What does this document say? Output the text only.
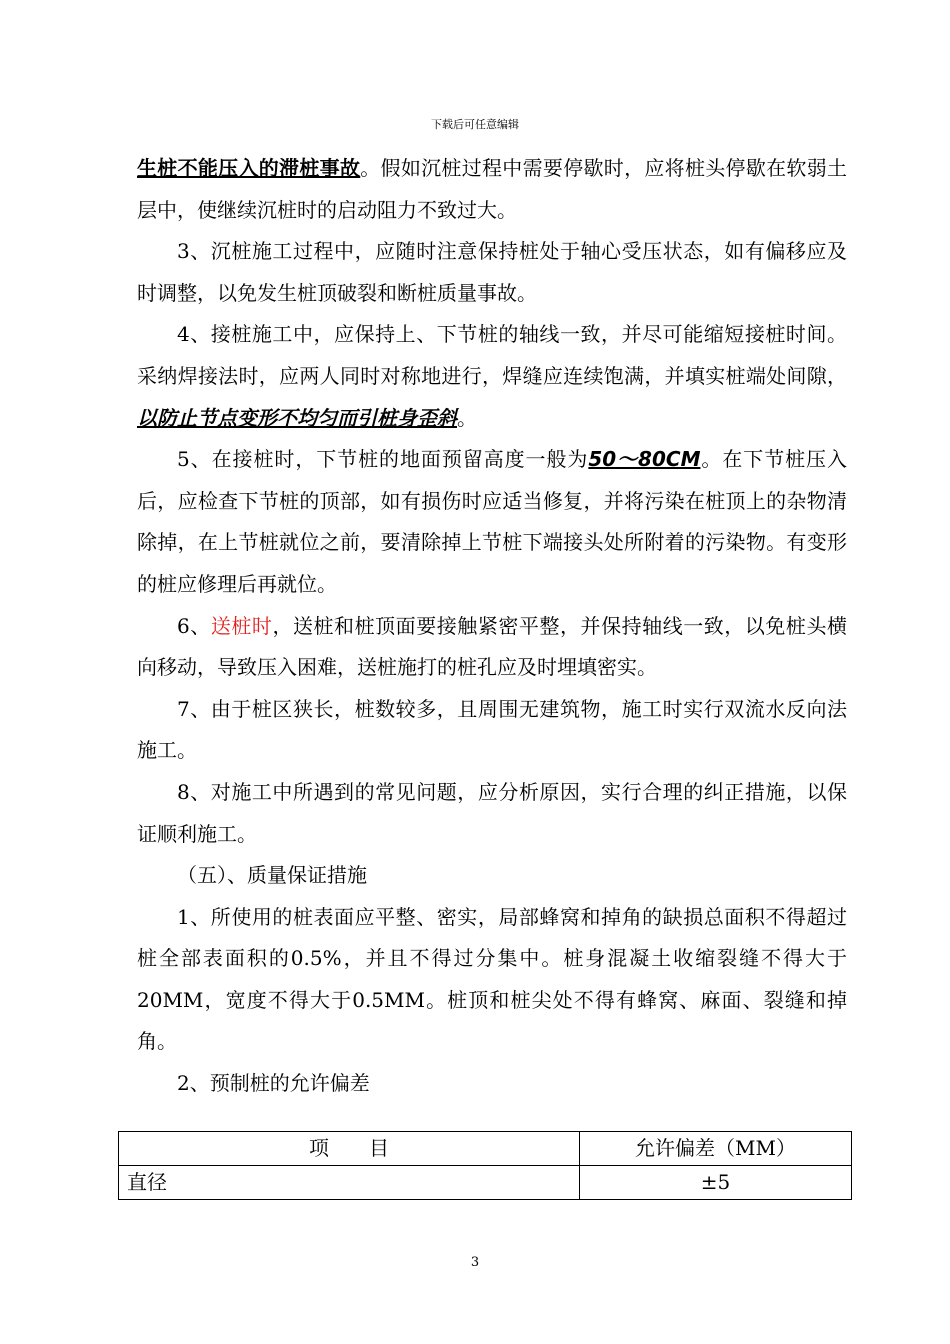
下载后可任意编辑

生桩不能压入的滞桩事故。假如沉桩过程中需要停歇时，应将桩头停歇在软弱土层中，使继续沉桩时的启动阻力不致过大。

3、沉桩施工过程中，应随时注意保持桩处于轴心受压状态，如有偏移应及时调整，以免发生桩顶破裂和断桩质量事故。

4、接桩施工中，应保持上、下节桩的轴线一致，并尽可能缩短接桩时间。采纳焊接法时，应两人同时对称地进行，焊缝应连续饱满，并填实桩端处间隙，以防止节点变形不均匀而引桩身歪斜。

5、在接桩时，下节桩的地面预留高度一般为50～80CM。在下节桩压入后，应检查下节桩的顶部，如有损伤时应适当修复，并将污染在桩顶上的杂物清除掉，在上节桩就位之前，要清除掉上节桩下端接头处所附着的污染物。有变形的桩应修理后再就位。

6、送桩时，送桩和桩顶面要接触紧密平整，并保持轴线一致，以免桩头横向移动，导致压入困难，送桩施打的桩孔应及时埋填密实。

7、由于桩区狭长，桩数较多，且周围无建筑物，施工时实行双流水反向法施工。

8、对施工中所遇到的常见问题，应分析原因，实行合理的纠正措施，以保证顺利施工。

（五）、质量保证措施

1、所使用的桩表面应平整、密实，局部蜂窝和掉角的缺损总面积不得超过桩全部表面积的0.5%，并且不得过分集中。桩身混凝土收缩裂缝不得大于20MM，宽度不得大于0.5MM。桩顶和桩尖处不得有蜂窝、麻面、裂缝和掉角。

2、预制桩的允许偏差

项　　目	允许偏差（MM）
直径	±5
3
